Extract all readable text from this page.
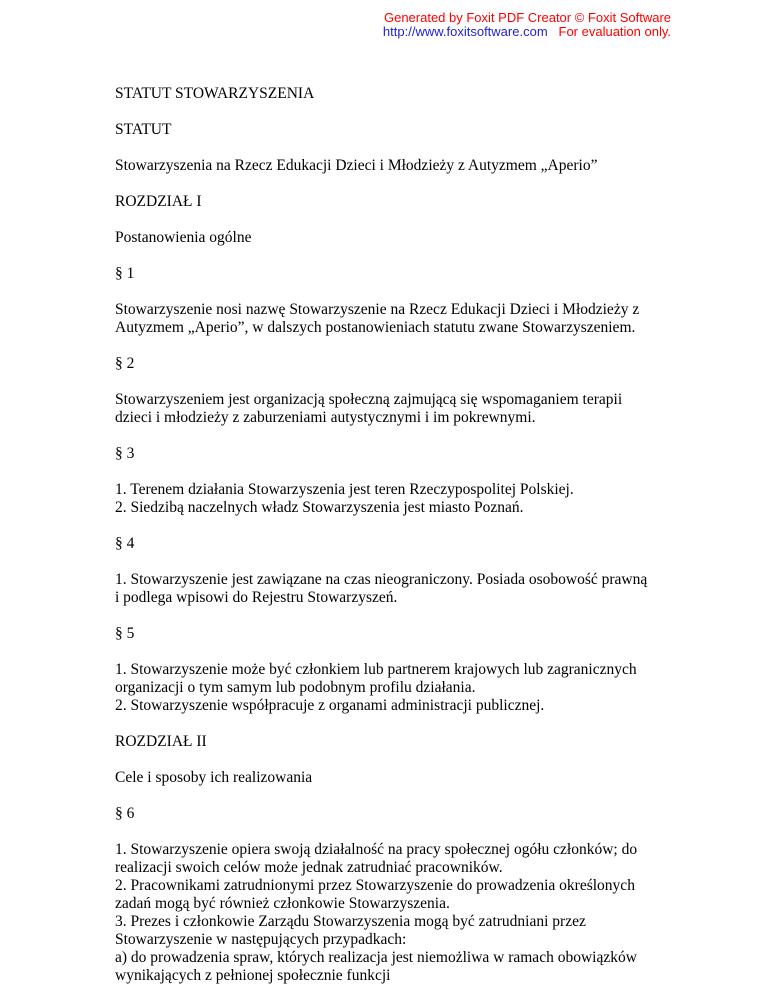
Generated by Foxit PDF Creator © Foxit Software
http://www.foxitsoftware.com For evaluation only.

STATUT STOWARZYSZENIA

STATUT

Stowarzyszenia na Rzecz Edukacji Dzieci i Młodzieży z Autyzmem „Aperio”

ROZDZIAŁ I

Postanowienia ogólne

§ 1

Stowarzyszenie nosi nazwę Stowarzyszenie na Rzecz Edukacji Dzieci i Młodzieży z
Autyzmem „Aperio”, w dalszych postanowieniach statutu zwane Stowarzyszeniem.

§ 2

Stowarzyszeniem jest organizacją społeczną zajmującą się wspomaganiem terapii
dzieci i młodzieży z zaburzeniami autystycznymi i im pokrewnymi.

§ 3

1. Terenem działania Stowarzyszenia jest teren Rzeczypospolitej Polskiej.
2. Siedzibą naczelnych władz Stowarzyszenia jest miasto Poznań.

§ 4

1. Stowarzyszenie jest zawiązane na czas nieograniczony. Posiada osobowość prawną
i podlega wpisowi do Rejestru Stowarzyszeń.

§ 5

1. Stowarzyszenie może być członkiem lub partnerem krajowych lub zagranicznych
organizacji o tym samym lub podobnym profilu działania.
2. Stowarzyszenie współpracuje z organami administracji publicznej.

ROZDZIAŁ II

Cele i sposoby ich realizowania

§ 6

1. Stowarzyszenie opiera swoją działalność na pracy społecznej ogółu członków; do
realizacji swoich celów może jednak zatrudniać pracowników.
2. Pracownikami zatrudnionymi przez Stowarzyszenie do prowadzenia określonych
zadań mogą być również członkowie Stowarzyszenia.
3. Prezes i członkowie Zarządu Stowarzyszenia mogą być zatrudniani przez
Stowarzyszenie w następujących przypadkach:
a) do prowadzenia spraw, których realizacja jest niemożliwa w ramach obowiązków
wynikających z pełnionej społecznie funkcji
